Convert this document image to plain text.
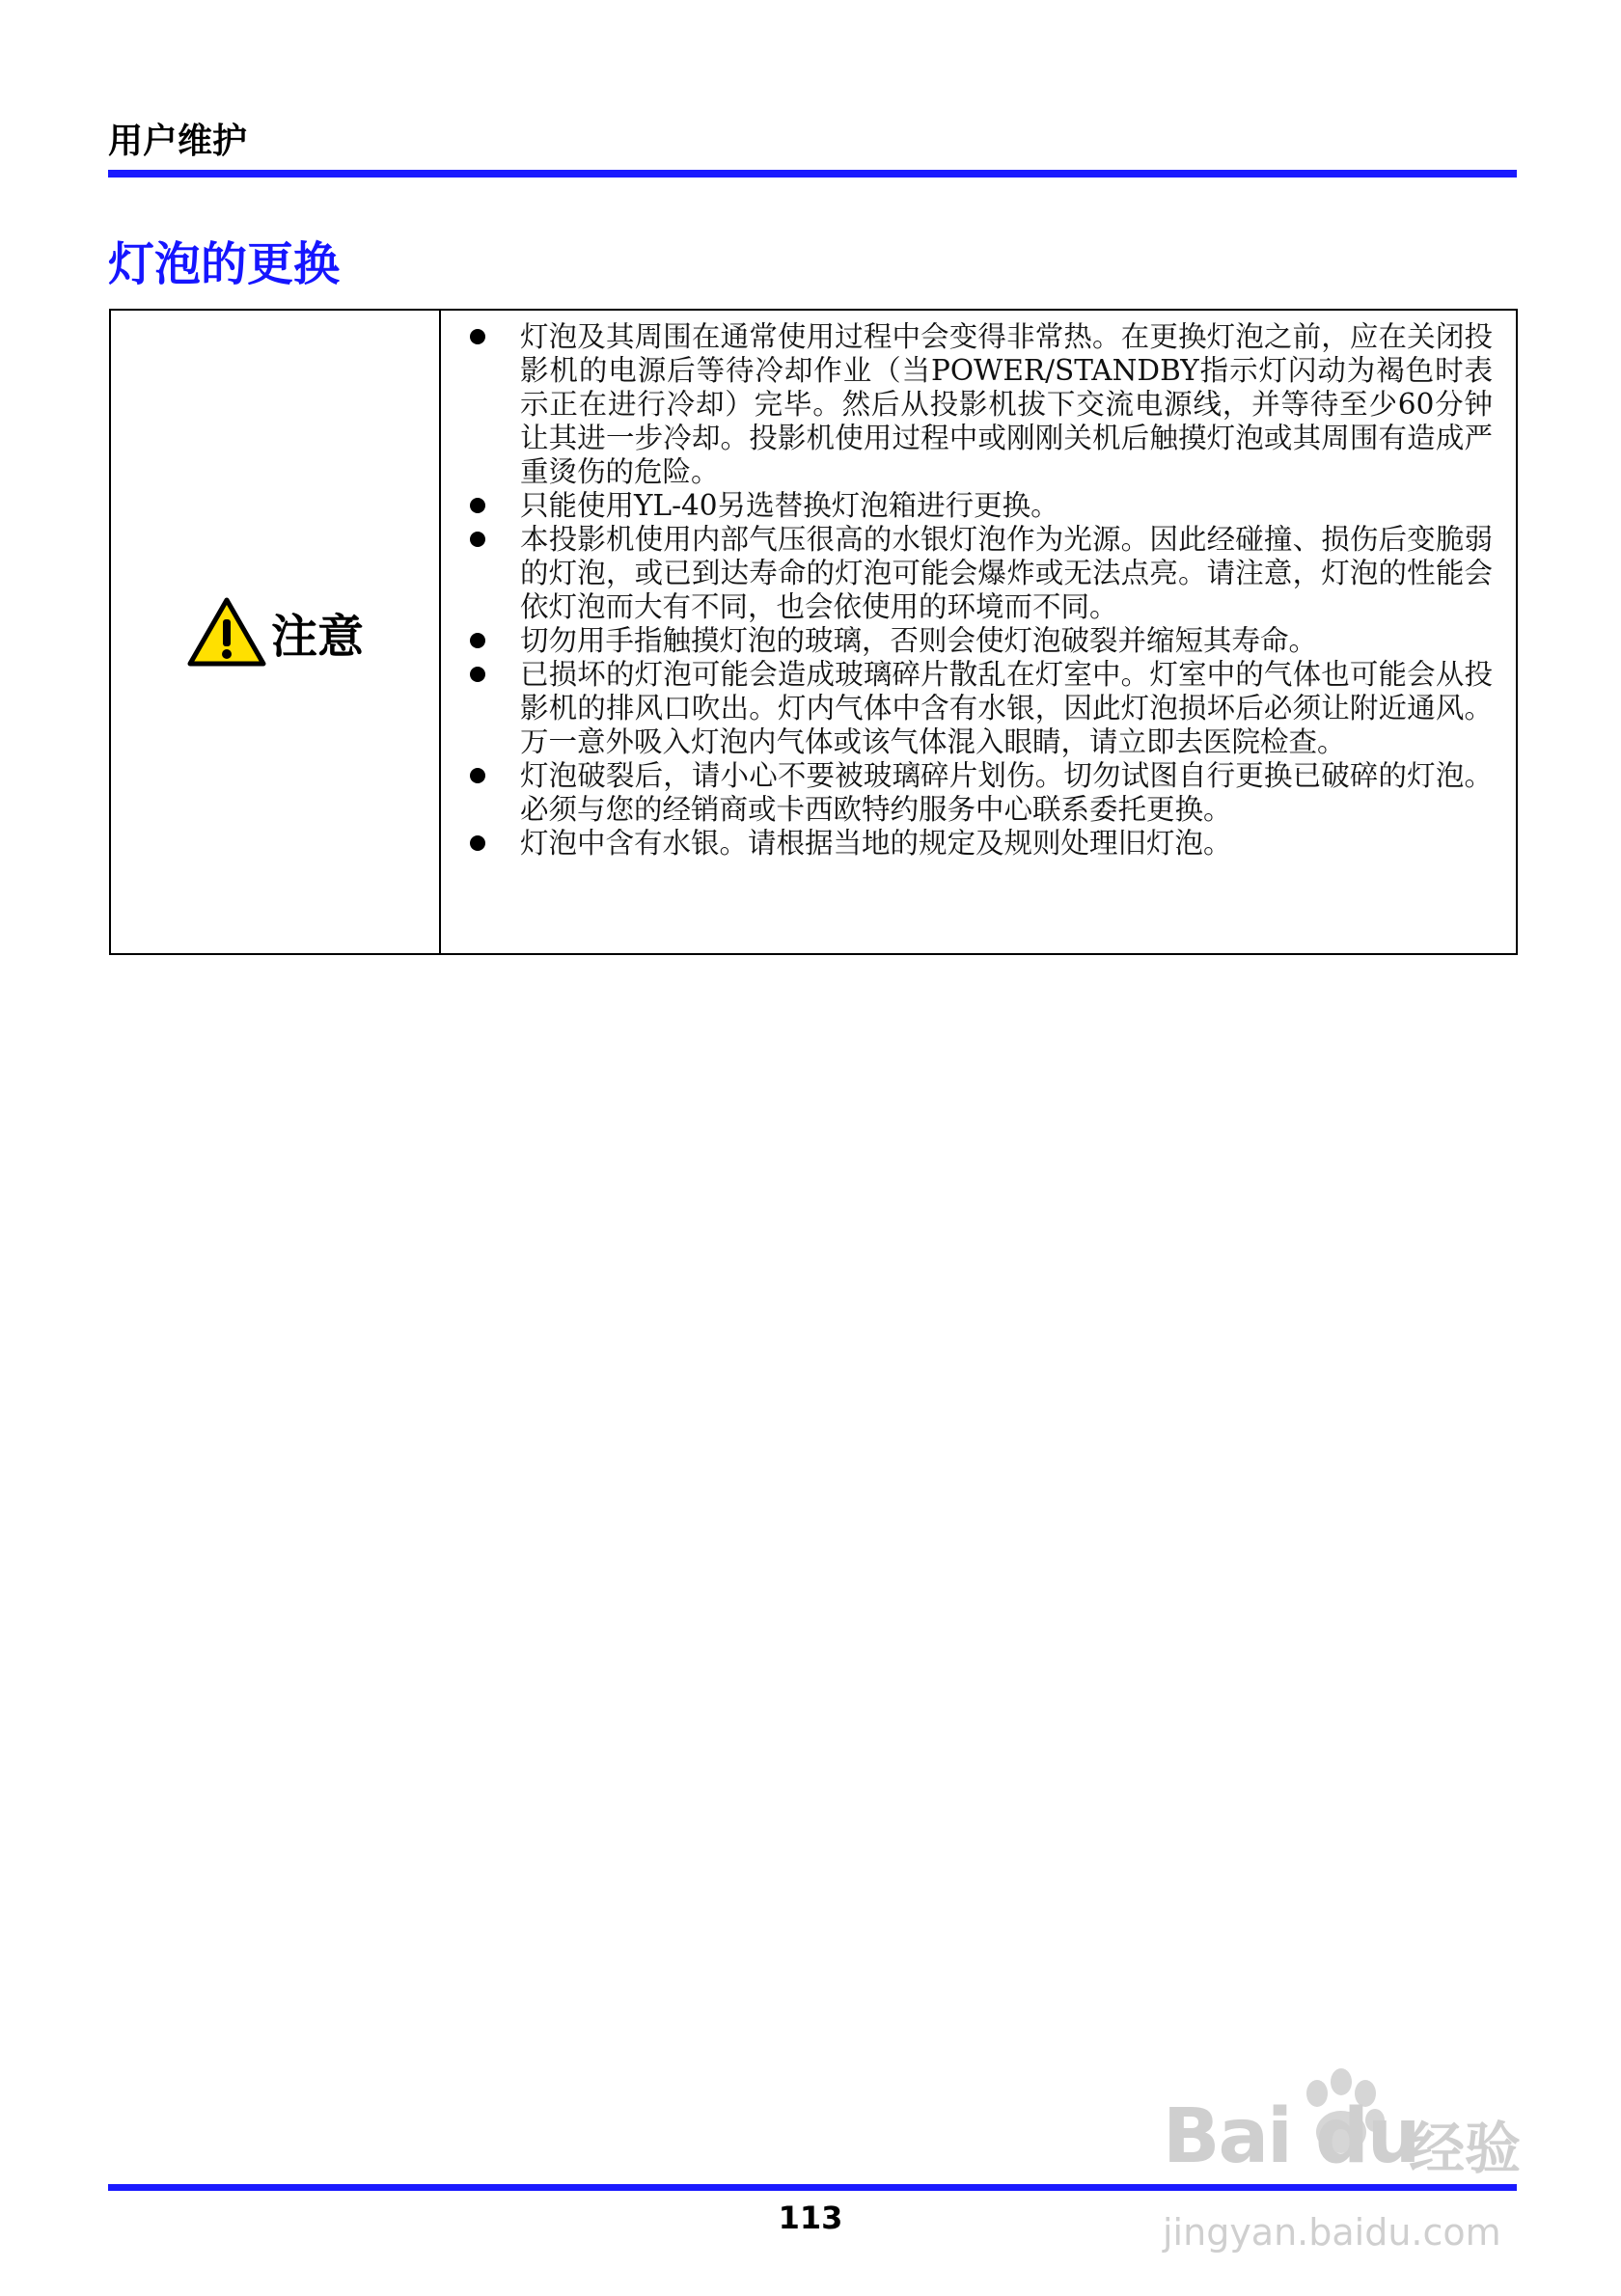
用户维护
灯泡的更换
注意
灯泡及其周围在通常使用过程中会变得非常热。在更换灯泡之前，应在关闭投影机的电源后等待冷却作业（当POWER/STANDBY指示灯闪动为褐色时表示正在进行冷却）完毕。然后从投影机拔下交流电源线，并等待至少60分钟让其进一步冷却。投影机使用过程中或刚刚关机后触摸灯泡或其周围有造成严重烫伤的危险。
只能使用YL-40另选替换灯泡箱进行更换。
本投影机使用内部气压很高的水银灯泡作为光源。因此经碰撞、损伤后变脆弱的灯泡，或已到达寿命的灯泡可能会爆炸或无法点亮。请注意，灯泡的性能会依灯泡而大有不同，也会依使用的环境而不同。
切勿用手指触摸灯泡的玻璃，否则会使灯泡破裂并缩短其寿命。
已损坏的灯泡可能会造成玻璃碎片散乱在灯室中。灯室中的气体也可能会从投影机的排风口吹出。灯内气体中含有水银，因此灯泡损坏后必须让附近通风。万一意外吸入灯泡内气体或该气体混入眼睛，请立即去医院检查。
灯泡破裂后，请小心不要被玻璃碎片划伤。切勿试图自行更换已破碎的灯泡。必须与您的经销商或卡西欧特约服务中心联系委托更换。
灯泡中含有水银。请根据当地的规定及规则处理旧灯泡。
Bai du
经验
jingyan.baidu.com
113
